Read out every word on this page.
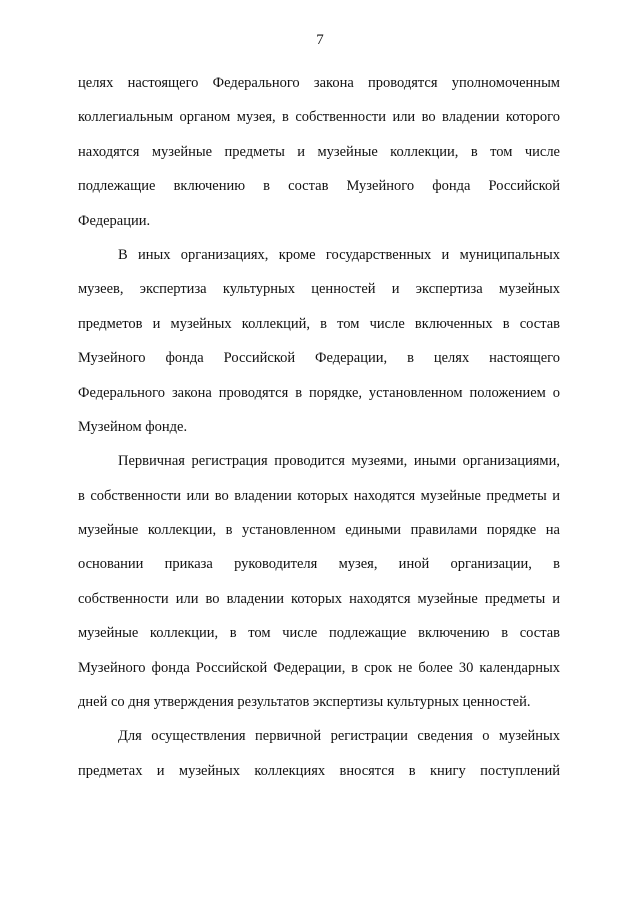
7
целях настоящего Федерального закона проводятся уполномоченным
коллегиальным органом музея, в собственности или во владении которого
находятся музейные предметы и музейные коллекции, в том числе
подлежащие включению в состав Музейного фонда Российской
Федерации.
В иных организациях, кроме государственных и муниципальных
музеев, экспертиза культурных ценностей и экспертиза музейных
предметов и музейных коллекций, в том числе включенных в состав
Музейного фонда Российской Федерации, в целях настоящего
Федерального закона проводятся в порядке, установленном положением о
Музейном фонде.
Первичная регистрация проводится музеями, иными организациями,
в собственности или во владении которых находятся музейные предметы и
музейные коллекции, в установленном едиными правилами порядке на
основании приказа руководителя музея, иной организации, в
собственности или во владении которых находятся музейные предметы и
музейные коллекции, в том числе подлежащие включению в состав
Музейного фонда Российской Федерации, в срок не более 30 календарных
дней со дня утверждения результатов экспертизы культурных ценностей.
Для осуществления первичной регистрации сведения о музейных
предметах и музейных коллекциях вносятся в книгу поступлений
